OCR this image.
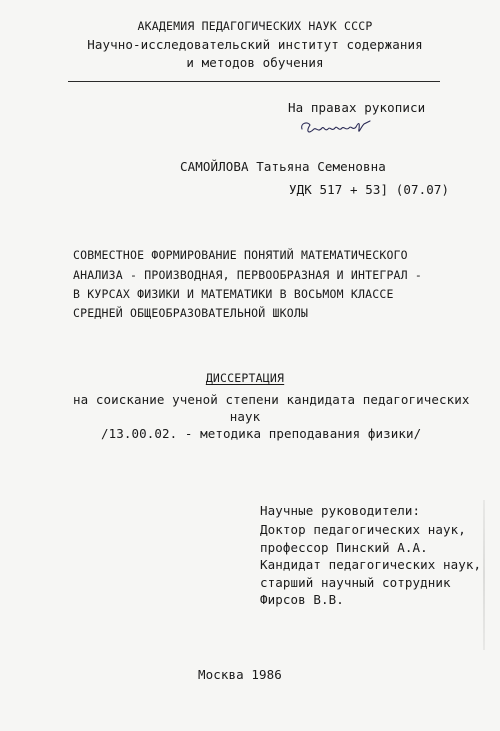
АКАДЕМИЯ ПЕДАГОГИЧЕСКИХ НАУК СССР
Научно-исследовательский институт содержания
и методов обучения
На правах рукописи
САМОЙЛОВА Татьяна Семеновна
УДК 517 + 53] (07.07)
СОВМЕСТНОЕ ФОРМИРОВАНИЕ ПОНЯТИЙ МАТЕМАТИЧЕСКОГО
АНАЛИЗА - ПРОИЗВОДНАЯ, ПЕРВООБРАЗНАЯ И ИНТЕГРАЛ -
В КУРСАХ ФИЗИКИ И МАТЕМАТИКИ В ВОСЬМОМ КЛАССЕ
СРЕДНЕЙ ОБЩЕОБРАЗОВАТЕЛЬНОЙ ШКОЛЫ
ДИССЕРТАЦИЯ
на соискание ученой степени кандидата педагогических
наук
/13.00.02. - методика преподавания физики/
Научные руководители:
Доктор педагогических наук,
профессор Пинский А.А.
Кандидат педагогических наук,
старший научный сотрудник
Фирсов В.В.
Москва 1986
